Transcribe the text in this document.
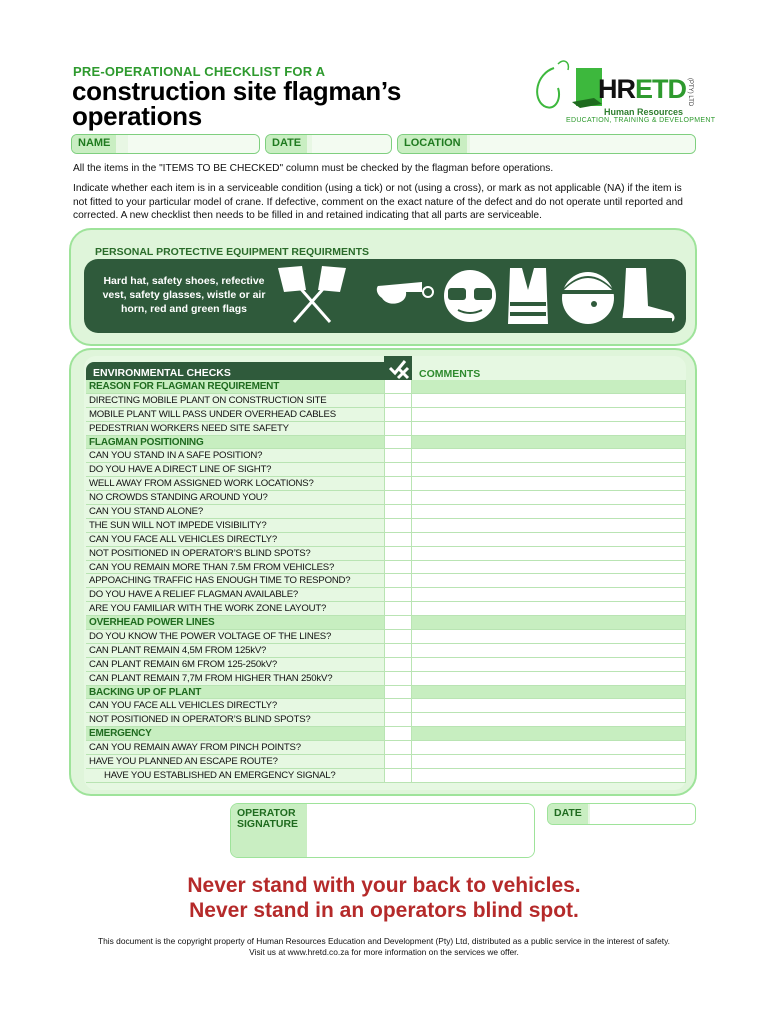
PRE-OPERATIONAL CHECKLIST FOR A
construction site flagman’s
operations
HRETD (PTY) LTD
Human Resources
EDUCATION, TRAINING & DEVELOPMENT
NAME	DATE	LOCATION
All the items in the "ITEMS TO BE CHECKED" column must be checked by the flagman before operations.
Indicate whether each item is in a serviceable condition (using a tick) or not (using a cross), or mark as not applicable (NA) if the item is not fitted to your particular model of crane. If defective, comment on the exact nature of the defect and do not operate until reported and corrected. A new checklist then needs to be filled in and retained indicating that all parts are serviceable.
PERSONAL PROTECTIVE EQUIPMENT REQUIRMENTS
Hard hat, safety shoes, refective vest, safety glasses, wistle or air horn, red and green flags
ENVIRONMENTAL CHECKS	COMMENTS
REASON FOR FLAGMAN REQUIREMENT
DIRECTING MOBILE PLANT ON CONSTRUCTION SITE
MOBILE PLANT WILL PASS UNDER OVERHEAD CABLES
PEDESTRIAN WORKERS NEED SITE SAFETY
FLAGMAN POSITIONING
CAN YOU STAND IN A SAFE POSITION?
DO YOU HAVE A DIRECT LINE OF SIGHT?
WELL AWAY FROM ASSIGNED WORK LOCATIONS?
NO CROWDS STANDING AROUND YOU?
CAN YOU STAND ALONE?
THE SUN WILL NOT IMPEDE VISIBILITY?
CAN YOU FACE ALL VEHICLES DIRECTLY?
NOT POSITIONED IN OPERATOR’S BLIND SPOTS?
CAN YOU REMAIN MORE THAN 7.5M FROM VEHICLES?
APPOACHING TRAFFIC HAS ENOUGH TIME TO RESPOND?
DO YOU HAVE A RELIEF FLAGMAN AVAILABLE?
ARE YOU FAMILIAR WITH THE WORK ZONE LAYOUT?
OVERHEAD POWER LINES
DO YOU KNOW THE POWER VOLTAGE OF THE LINES?
CAN PLANT REMAIN 4,5M FROM 125kV?
CAN PLANT REMAIN 6M FROM 125-250kV?
CAN PLANT REMAIN 7,7M FROM HIGHER THAN 250kV?
BACKING UP OF PLANT
CAN YOU FACE ALL VEHICLES DIRECTLY?
NOT POSITIONED IN OPERATOR’S BLIND SPOTS?
EMERGENCY
CAN YOU REMAIN AWAY FROM PINCH POINTS?
HAVE YOU PLANNED AN ESCAPE ROUTE?
HAVE YOU ESTABLISHED AN EMERGENCY SIGNAL?
OPERATOR
SIGNATURE
DATE
Never stand with your back to vehicles.
Never stand in an operators blind spot.
This document is the copyright property of Human Resources Education and Development (Pty) Ltd, distributed as a public service in the interest of safety.
Visit us at www.hretd.co.za for more information on the services we offer.
